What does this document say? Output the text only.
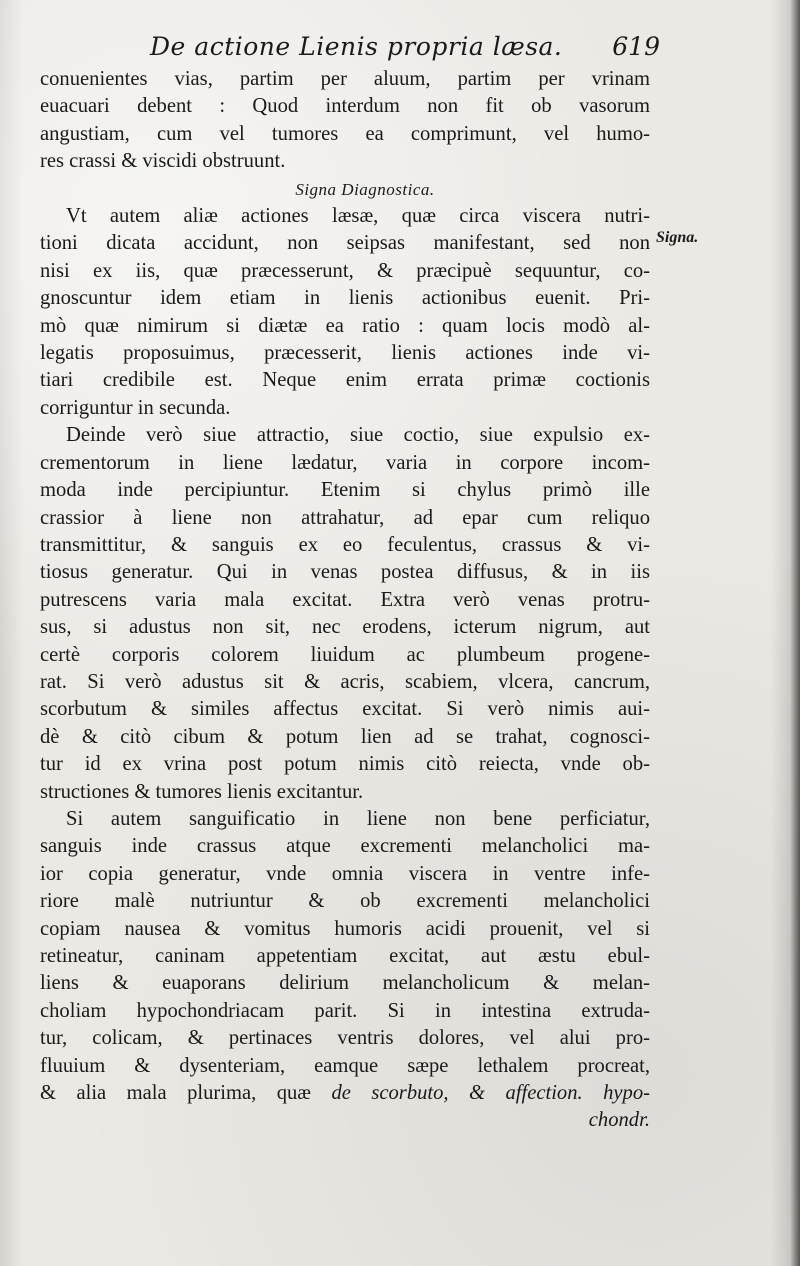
De actione Lienis propria læsa. 619
Signa.
conuenientes vias, partim per aluum, partim per vrinam
euacuari debent : Quod interdum non fit ob vasorum
angustiam, cum vel tumores ea comprimunt, vel humo-
res crassi & viscidi obstruunt.
Signa Diagnostica.
Vt autem aliæ actiones læsæ, quæ circa viscera nutri-
tioni dicata accidunt, non seipsas manifestant, sed non
nisi ex iis, quæ præcesserunt, & præcipuè sequuntur, co-
gnoscuntur idem etiam in lienis actionibus euenit. Pri-
mò quæ nimirum si diætæ ea ratio : quam locis modò al-
legatis proposuimus, præcesserit, lienis actiones inde vi-
tiari credibile est. Neque enim errata primæ coctionis
corriguntur in secunda.
Deinde verò siue attractio, siue coctio, siue expulsio ex-
crementorum in liene lædatur, varia in corpore incom-
moda inde percipiuntur. Etenim si chylus primò ille
crassior à liene non attrahatur, ad epar cum reliquo
transmittitur, & sanguis ex eo feculentus, crassus & vi-
tiosus generatur. Qui in venas postea diffusus, & in iis
putrescens varia mala excitat. Extra verò venas protru-
sus, si adustus non sit, nec erodens, icterum nigrum, aut
certè corporis colorem liuidum ac plumbeum progene-
rat. Si verò adustus sit & acris, scabiem, vlcera, cancrum,
scorbutum & similes affectus excitat. Si verò nimis aui-
dè & citò cibum & potum lien ad se trahat, cognosci-
tur id ex vrina post potum nimis citò reiecta, vnde ob-
structiones & tumores lienis excitantur.
Si autem sanguificatio in liene non bene perficiatur,
sanguis inde crassus atque excrementi melancholici ma-
ior copia generatur, vnde omnia viscera in ventre infe-
riore malè nutriuntur & ob excrementi melancholici
copiam nausea & vomitus humoris acidi prouenit, vel si
retineatur, caninam appetentiam excitat, aut æstu ebul-
liens & euaporans delirium melancholicum & melan-
choliam hypochondriacam parit. Si in intestina extruda-
tur, colicam, & pertinaces ventris dolores, vel alui pro-
fluuium & dysenteriam, eamque sæpe lethalem procreat,
& alia mala plurima, quæ de scorbuto, & affection. hypo-
chondr.
